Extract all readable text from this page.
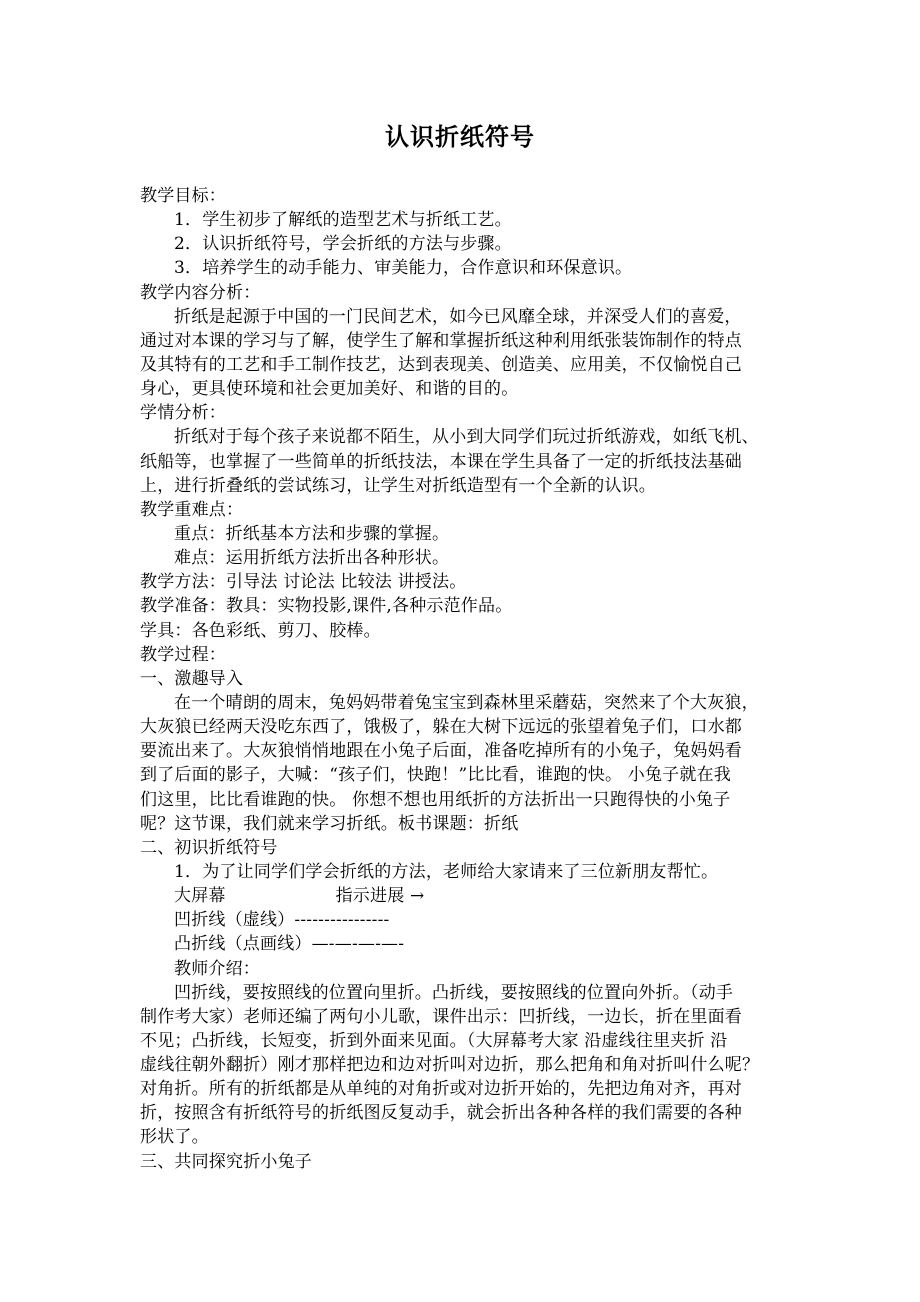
认识折纸符号
教学目标：
1．学生初步了解纸的造型艺术与折纸工艺。
2．认识折纸符号，学会折纸的方法与步骤。
3．培养学生的动手能力、审美能力，合作意识和环保意识。
教学内容分析：
折纸是起源于中国的一门民间艺术，如今已风靡全球，并深受人们的喜爱，
通过对本课的学习与了解，使学生了解和掌握折纸这种利用纸张装饰制作的特点
及其特有的工艺和手工制作技艺，达到表现美、创造美、应用美，不仅愉悦自己
身心，更具使环境和社会更加美好、和谐的目的。
学情分析：
折纸对于每个孩子来说都不陌生，从小到大同学们玩过折纸游戏，如纸飞机、
纸船等，也掌握了一些简单的折纸技法，本课在学生具备了一定的折纸技法基础
上，进行折叠纸的尝试练习，让学生对折纸造型有一个全新的认识。
教学重难点：
重点：折纸基本方法和步骤的掌握。
难点：运用折纸方法折出各种形状。
教学方法：引导法 讨论法 比较法 讲授法。
教学准备：教具：实物投影,课件,各种示范作品。
学具：各色彩纸、剪刀、胶棒。
教学过程：
一、激趣导入
在一个晴朗的周末，兔妈妈带着兔宝宝到森林里采蘑菇，突然来了个大灰狼，
大灰狼已经两天没吃东西了，饿极了，躲在大树下远远的张望着兔子们，口水都
要流出来了。大灰狼悄悄地跟在小兔子后面，准备吃掉所有的小兔子，兔妈妈看
到了后面的影子，大喊：“孩子们，快跑！”比比看，谁跑的快。 小兔子就在我
们这里，比比看谁跑的快。 你想不想也用纸折的方法折出一只跑得快的小兔子
呢？这节课，我们就来学习折纸。板书课题：折纸
二、初识折纸符号
1．为了让同学们学会折纸的方法，老师给大家请来了三位新朋友帮忙。
大屏幕	指示进展 →
凹折线（虚线）----------------
凸折线（点画线）—-—-—-—-
教师介绍：
凹折线，要按照线的位置向里折。凸折线，要按照线的位置向外折。（动手
制作考大家）老师还编了两句小儿歌，课件出示：凹折线，一边长，折在里面看
不见；凸折线，长短变，折到外面来见面。（大屏幕考大家 沿虚线往里夹折 沿
虚线往朝外翻折）刚才那样把边和边对折叫对边折，那么把角和角对折叫什么呢？
对角折。所有的折纸都是从单纯的对角折或对边折开始的，先把边角对齐，再对
折，按照含有折纸符号的折纸图反复动手，就会折出各种各样的我们需要的各种
形状了。
三、共同探究折小兔子
